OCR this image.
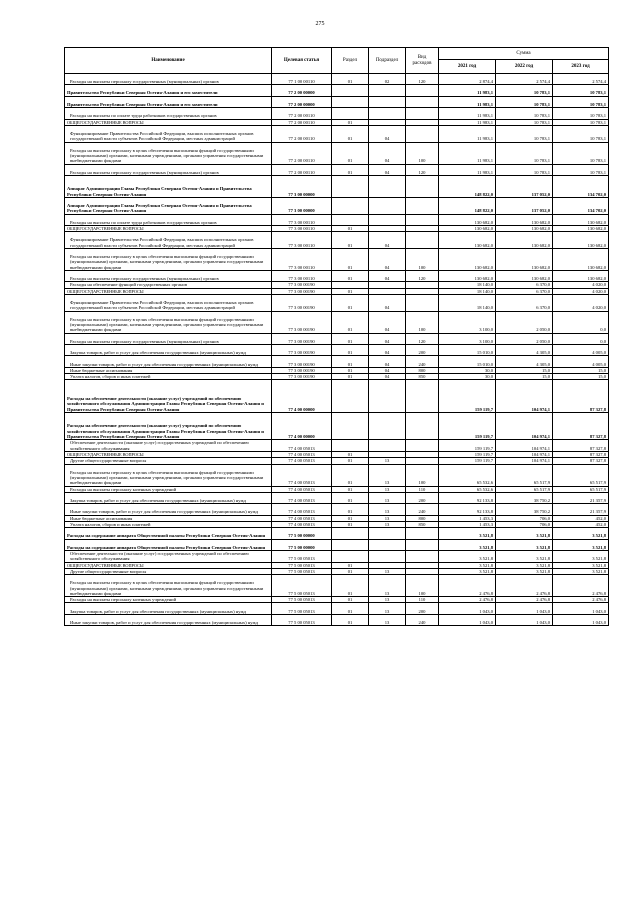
275
Наименование	Целевая статья	Раздел	Подраздел	Вид расходов	Сумма		
					2021 год	2022 год	2023 год
Расходы на выплаты персоналу государственных (муниципальных) органов	77 1 00 00110	01	02	120	2 874,4	2 574,4	2 574,4
Правительство Республики Северная Осетия-Алания и его заместители	77 2 00 00000				11 983,1	10 783,1	10 783,1
Правительство Республики Северная Осетия-Алания и его заместители	77 2 00 00000				11 983,1	10 783,1	10 783,1
Расходы на выплаты по оплате труда работников государственных органов	77 2 00 00110				11 983,1	10 783,1	10 783,1
ОБЩЕГОСУДАРСТВЕННЫЕ ВОПРОСЫ	77 2 00 00110	01			11 983,1	10 783,1	10 783,1
Функционирование Правительства Российской Федерации, высших исполнительных органов государственной власти субъектов Российской Федерации, местных администраций	77 2 00 00110	01	04		11 983,1	10 783,1	10 783,1
Расходы на выплаты персоналу в целях обеспечения выполнения функций государственными (муниципальными) органами, казенными учреждениями, органами управления государственными внебюджетными фондами	77 2 00 00110	01	04	100	11 983,1	10 783,1	10 783,1
Расходы на выплаты персоналу государственных (муниципальных) органов	77 2 00 00110	01	04	120	11 983,1	10 783,1	10 783,1
Аппарат Администрации Главы Республики Северная Осетия-Алания и Правительства Республики Северная Осетия-Алания	77 3 00 00000				148 822,0	137 052,0	134 702,0
Аппарат Администрации Главы Республики Северная Осетия-Алания и Правительства Республики Северная Осетия-Алания	77 3 00 00000				148 822,0	137 052,0	134 702,0
Расходы на выплаты по оплате труда работников государственных органов	77 3 00 00110				130 682,0	130 682,0	130 682,0
ОБЩЕГОСУДАРСТВЕННЫЕ ВОПРОСЫ	77 3 00 00110	01			130 682,0	130 682,0	130 682,0
Функционирование Правительства Российской Федерации, высших исполнительных органов государственной власти субъектов Российской Федерации, местных администраций	77 3 00 00110	01	04		130 682,0	130 682,0	130 682,0
Расходы на выплаты персоналу в целях обеспечения выполнения функций государственными (муниципальными) органами, казенными учреждениями, органами управления государственными внебюджетными фондами	77 3 00 00110	01	04	100	130 682,0	130 682,0	130 682,0
Расходы на выплаты персоналу государственных (муниципальных) органов	77 3 00 00110	01	04	120	130 682,0	130 682,0	130 682,0
Расходы на обеспечение функций государственных органов	77 3 00 00190				18 140,0	6 370,0	4 020,0
ОБЩЕГОСУДАРСТВЕННЫЕ ВОПРОСЫ	77 3 00 00190	01			18 140,0	6 370,0	4 020,0
Функционирование Правительства Российской Федерации, высших исполнительных органов государственной власти субъектов Российской Федерации, местных администраций	77 3 00 00190	01	04		18 140,0	6 370,0	4 020,0
Расходы на выплаты персоналу в целях обеспечения выполнения функций государственными (муниципальными) органами, казенными учреждениями, органами управления государственными внебюджетными фондами	77 3 00 00190	01	04	100	3 100,0	2 050,0	0,0
Расходы на выплаты персоналу государственных (муниципальных) органов	77 3 00 00190	01	04	120	3 100,0	2 050,0	0,0
Закупка товаров, работ и услуг для обеспечения государственных (муниципальных) нужд	77 3 00 00190	01	04	200	15 010,0	4 305,0	4 005,0
Иные закупки товаров, работ и услуг для обеспечения государственных (муниципальных) нужд	77 3 00 00190	01	04	240	15 010,0	4 305,0	4 005,0
Иные бюджетные ассигнования	77 3 00 00190	01	04	800	30,0	15,0	15,0
Уплата налогов, сборов и иных платежей	77 3 00 00190	01	04	850	30,0	15,0	15,0
Расходы на обеспечение деятельности (оказание услуг) учреждений по обеспечению хозяйственного обслуживания Администрации Главы Республики Северная Осетия-Алания и Правительства Республики Северная Осетия-Алания	77 4 00 00000				159 119,7	104 974,1	87 327,8
Расходы на обеспечение деятельности (оказание услуг) учреждений по обеспечению хозяйственного обслуживания Администрации Главы Республики Северная Осетия-Алания и Правительства Республики Северная Осетия-Алания	77 4 00 00000				159 119,7	104 974,1	87 327,8
Обеспечение деятельности (оказание услуг) государственных учреждений по обеспечению хозяйственного обслуживания	77 4 00 05013				159 119,7	104 974,1	87 327,8
ОБЩЕГОСУДАРСТВЕННЫЕ ВОПРОСЫ	77 4 00 05013	01			159 119,7	104 974,1	87 327,8
Другие общегосударственные вопросы	77 4 00 05013	01	13		159 119,7	104 974,1	87 327,8
Расходы на выплаты персоналу в целях обеспечения выполнения функций государственными (муниципальными) органами, казенными учреждениями, органами управления государственными внебюджетными фондами	77 4 00 05013	01	13	100	65 532,6	65 517,9	65 517,9
Расходы на выплаты персоналу казенных учреждений	77 4 00 05013	01	13	110	65 532,6	65 517,9	65 517,9
Закупка товаров, работ и услуг для обеспечения государственных (муниципальных) нужд	77 4 00 05013	01	13	200	92 133,8	38 750,2	21 357,9
Иные закупки товаров, работ и услуг для обеспечения государственных (муниципальных) нужд	77 4 00 05013	01	13	240	92 133,8	38 750,2	21 357,9
Иные бюджетные ассигнования	77 4 00 05013	01	13	800	1 453,3	706,0	452,0
Уплата налогов, сборов и иных платежей	77 4 00 05013	01	13	850	1 453,3	706,0	452,0
Расходы на содержание аппарата Общественной палаты Республики Северная Осетия-Алания	77 5 00 00000				3 521,8	3 521,8	3 521,8
Расходы на содержание аппарата Общественной палаты Республики Северная Осетия-Алания	77 5 00 00000				3 521,8	3 521,8	3 521,8
Обеспечение деятельности (оказание услуг) государственных учреждений по обеспечению хозяйственного обслуживания	77 5 00 05013				3 521,8	3 521,8	3 521,8
ОБЩЕГОСУДАРСТВЕННЫЕ ВОПРОСЫ	77 5 00 05013	01			3 521,8	3 521,8	3 521,8
Другие общегосударственные вопросы	77 5 00 05013	01	13		3 521,8	3 521,8	3 521,8
Расходы на выплаты персоналу в целях обеспечения выполнения функций государственными (муниципальными) органами, казенными учреждениями, органами управления государственными внебюджетными фондами	77 5 00 05013	01	13	100	2 476,8	2 476,8	2 476,8
Расходы на выплаты персоналу казенных учреждений	77 5 00 05013	01	13	110	2 476,8	2 476,8	2 476,8
Закупка товаров, работ и услуг для обеспечения государственных (муниципальных) нужд	77 5 00 05013	01	13	200	1 043,0	1 043,0	1 043,0
Иные закупки товаров, работ и услуг для обеспечения государственных (муниципальных) нужд	77 5 00 05013	01	13	240	1 043,0	1 043,0	1 043,0
